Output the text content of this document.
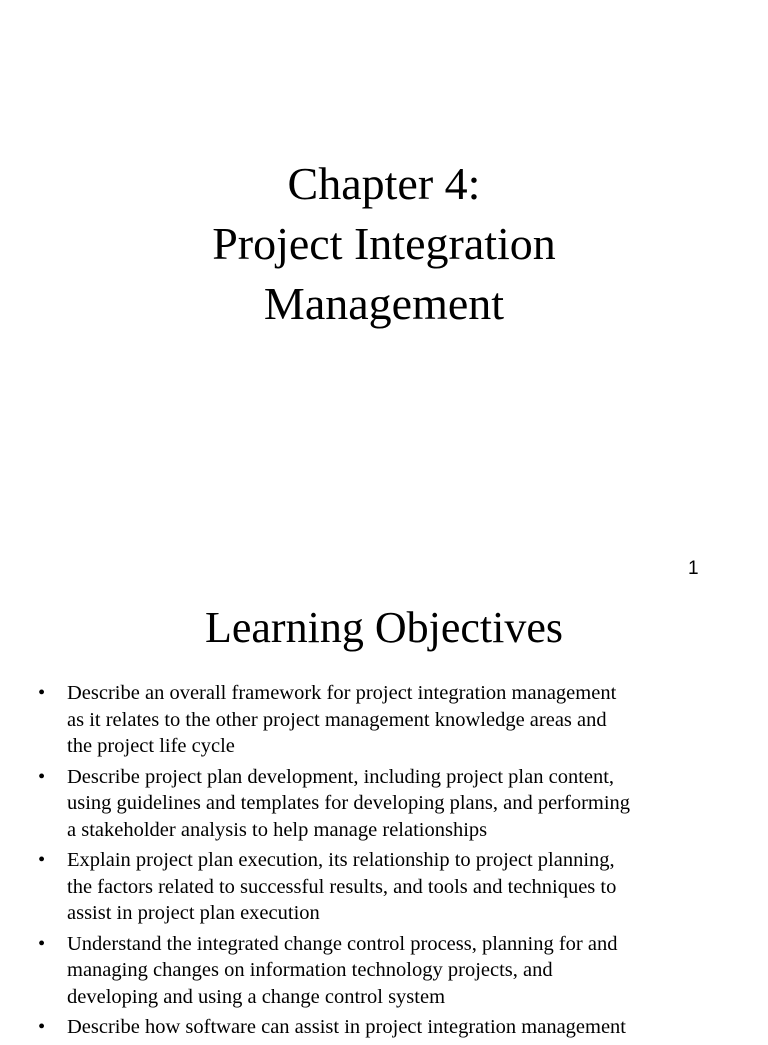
Chapter 4:
Project Integration
Management
1
Learning Objectives
• Describe an overall framework for project integration management
as it relates to the other project management knowledge areas and
the project life cycle
• Describe project plan development, including project plan content,
using guidelines and templates for developing plans, and performing
a stakeholder analysis to help manage relationships
• Explain project plan execution, its relationship to project planning,
the factors related to successful results, and tools and techniques to
assist in project plan execution
• Understand the integrated change control process, planning for and
managing changes on information technology projects, and
developing and using a change control system
• Describe how software can assist in project integration management
